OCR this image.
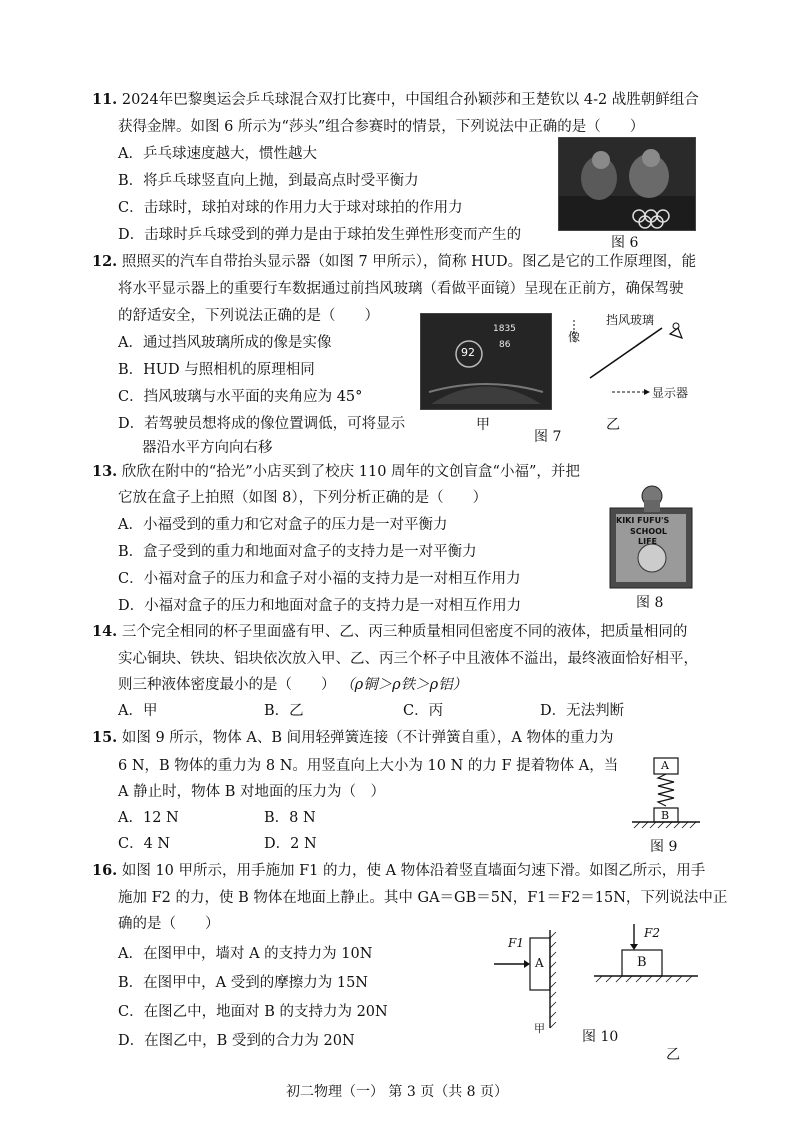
11. 2024年巴黎奥运会乒乓球混合双打比赛中，中国组合孙颖莎和王楚钦以 4-2 战胜朝鲜组合
获得金牌。如图 6 所示为“莎头”组合参赛时的情景，下列说法中正确的是（　　）
A．乒乓球速度越大，惯性越大
B．将乒乓球竖直向上抛，到最高点时受平衡力
C．击球时，球拍对球的作用力大于球对球拍的作用力
D．击球时乒乓球受到的弹力是由于球拍发生弹性形变而产生的	图 6
12. 照照买的汽车自带抬头显示器（如图 7 甲所示），简称 HUD。图乙是它的工作原理图，能
将水平显示器上的重要行车数据通过前挡风玻璃（看做平面镜）呈现在正前方，确保驾驶
的舒适安全，下列说法正确的是（　　）
A．通过挡风玻璃所成的像是实像
B．HUD 与照相机的原理相同
C．挡风玻璃与水平面的夹角应为 45°
D．若驾驶员想将成的像位置调低，可将显示
器沿水平方向向右移
92
1835
86
甲
挡风玻璃
像
显示器
乙
图 7
13. 欣欣在附中的“拾光”小店买到了校庆 110 周年的文创盲盒“小福”，并把
它放在盒子上拍照（如图 8），下列分析正确的是（　　）
A．小福受到的重力和它对盒子的压力是一对平衡力
B．盒子受到的重力和地面对盒子的支持力是一对平衡力
C．小福对盒子的压力和盒子对小福的支持力是一对相互作用力
D．小福对盒子的压力和地面对盒子的支持力是一对相互作用力
KIKI FUFU'S
SCHOOL
LIFE
图 8
14. 三个完全相同的杯子里面盛有甲、乙、丙三种质量相同但密度不同的液体，把质量相同的
实心铜块、铁块、铝块依次放入甲、乙、丙三个杯子中且液体不溢出，最终液面恰好相平，
则三种液体密度最小的是（　　） （ρ铜＞ρ铁＞ρ铝）
A．甲	B．乙	C．丙	D．无法判断
15. 如图 9 所示，物体 A、B 间用轻弹簧连接（不计弹簧自重），A 物体的重力为
6 N，B 物体的重力为 8 N。用竖直向上大小为 10 N 的力 F 提着物体 A，当
A 静止时，物体 B 对地面的压力为（　）
A．12 N	B．8 N
C．4 N	D．2 N
A
B
图 9
16. 如图 10 甲所示，用手施加 F1 的力，使 A 物体沿着竖直墙面匀速下滑。如图乙所示，用手
施加 F2 的力，使 B 物体在地面上静止。其中 GA＝GB＝5N，F1＝F2＝15N，下列说法中正
确的是（　　）
A．在图甲中，墙对 A 的支持力为 10N
B．在图甲中，A 受到的摩擦力为 15N
C．在图乙中，地面对 B 的支持力为 20N
D．在图乙中，B 受到的合力为 20N
F1
A
甲
F2
B
图 10
乙
初二物理（一） 第 3 页（共 8 页）
